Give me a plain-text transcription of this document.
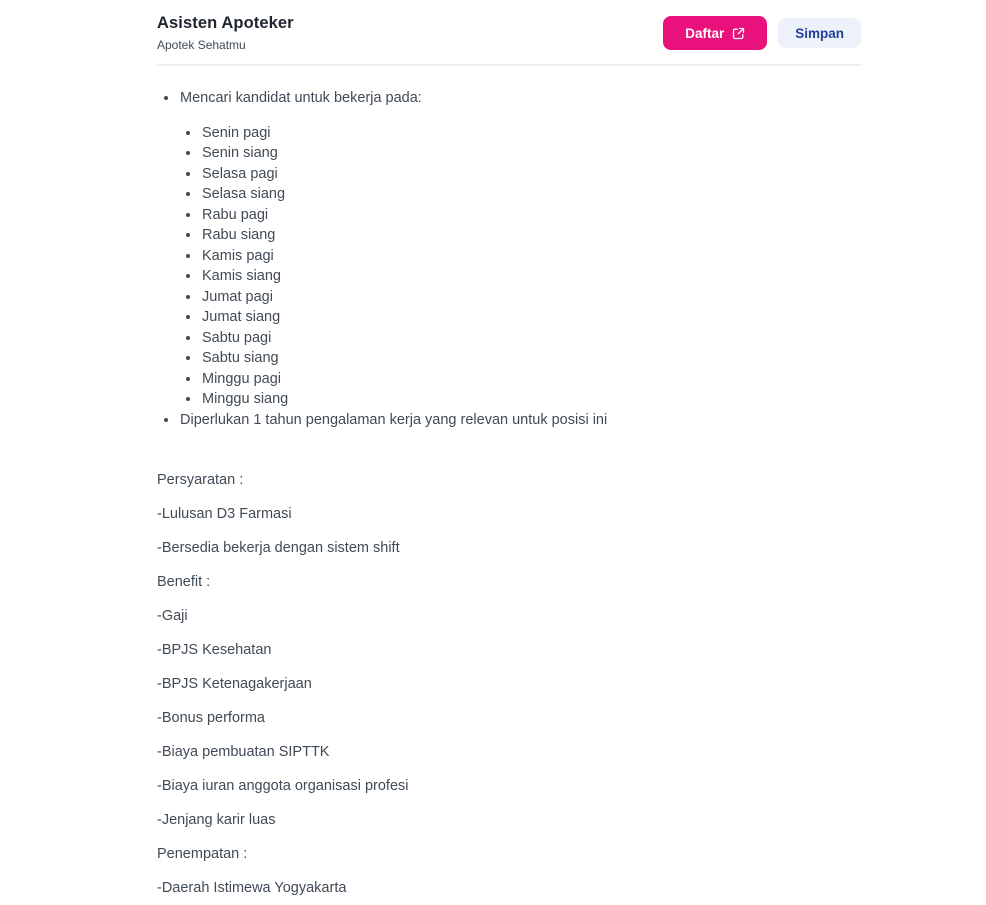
Asisten Apoteker
Apotek Sehatmu
Daftar	Simpan
• Mencari kandidat untuk bekerja pada:
• Senin pagi
• Senin siang
• Selasa pagi
• Selasa siang
• Rabu pagi
• Rabu siang
• Kamis pagi
• Kamis siang
• Jumat pagi
• Jumat siang
• Sabtu pagi
• Sabtu siang
• Minggu pagi
• Minggu siang
• Diperlukan 1 tahun pengalaman kerja yang relevan untuk posisi ini

Persyaratan :

-Lulusan D3 Farmasi

-Bersedia bekerja dengan sistem shift

Benefit :

-Gaji

-BPJS Kesehatan

-BPJS Ketenagakerjaan

-Bonus performa

-Biaya pembuatan SIPTTK

-Biaya iuran anggota organisasi profesi

-Jenjang karir luas

Penempatan :

-Daerah Istimewa Yogyakarta
